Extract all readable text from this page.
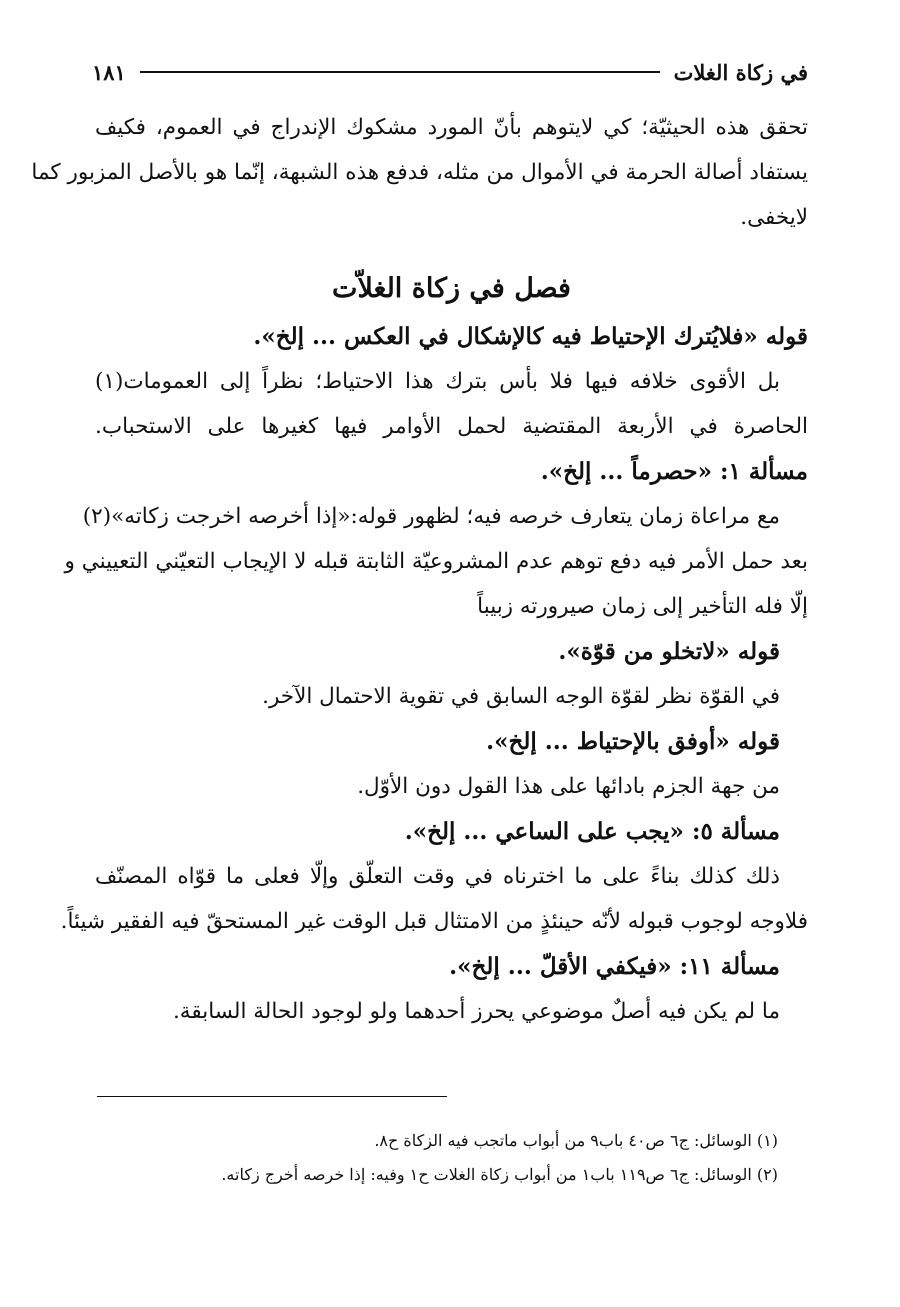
في زكاة الغلات
١٨١
تحقق هذه الحيثيّة؛ كي لايتوهم بأنّ المورد مشكوك الإندراج في العموم، فكيف
يستفاد أصالة الحرمة في الأموال من مثله، فدفع هذه الشبهة، إنّما هو بالأصل المزبور كما
لايخفى.
فصل في زكاة الغلاّت
قوله «فلايُترك الإحتياط فيه كالإشكال في العكس ... إلخ».
بل الأقوى خلافه فيها فلا بأس بترك هذا الاحتياط؛ نظراً إلى العمومات(١)
الحاصرة في الأربعة المقتضية لحمل الأوامر فيها كغيرها على الاستحباب.
مسألة ١: «حصرماً ... إلخ».
مع مراعاة زمان يتعارف خرصه فيه؛ لظهور قوله:«إذا أخرصه اخرجت زكاته»(٢)
بعد حمل الأمر فيه دفع توهم عدم المشروعيّة الثابتة قبله لا الإيجاب التعيّني التعييني و
إلّا فله التأخير إلى زمان صيرورته زبيباً
قوله «لاتخلو من قوّة».
في القوّة نظر لقوّة الوجه السابق في تقوية الاحتمال الآخر.
قوله «أوفق بالإحتياط ... إلخ».
من جهة الجزم بادائها على هذا القول دون الأوّل.
مسألة ٥: «يجب على الساعي ... إلخ».
ذلك كذلك بناءً على ما اخترناه في وقت التعلّق وإلّا فعلى ما قوّاه المصنّف
فلاوجه لوجوب قبوله لأنّه حينئذٍ من الامتثال قبل الوقت غير المستحقّ فيه الفقير شيئاً.
مسألة ١١: «فيكفي الأقلّ ... إلخ».
ما لم يكن فيه أصلٌ موضوعي يحرز أحدهما ولو لوجود الحالة السابقة.
(١) الوسائل: ج٦ ص٤٠ باب٩ من أبواب ماتجب فيه الزكاة ح٨.
(٢) الوسائل: ج٦ ص١١٩ باب١ من أبواب زكاة الغلات ح١ وفيه: إذا خرصه أخرج زكاته.
